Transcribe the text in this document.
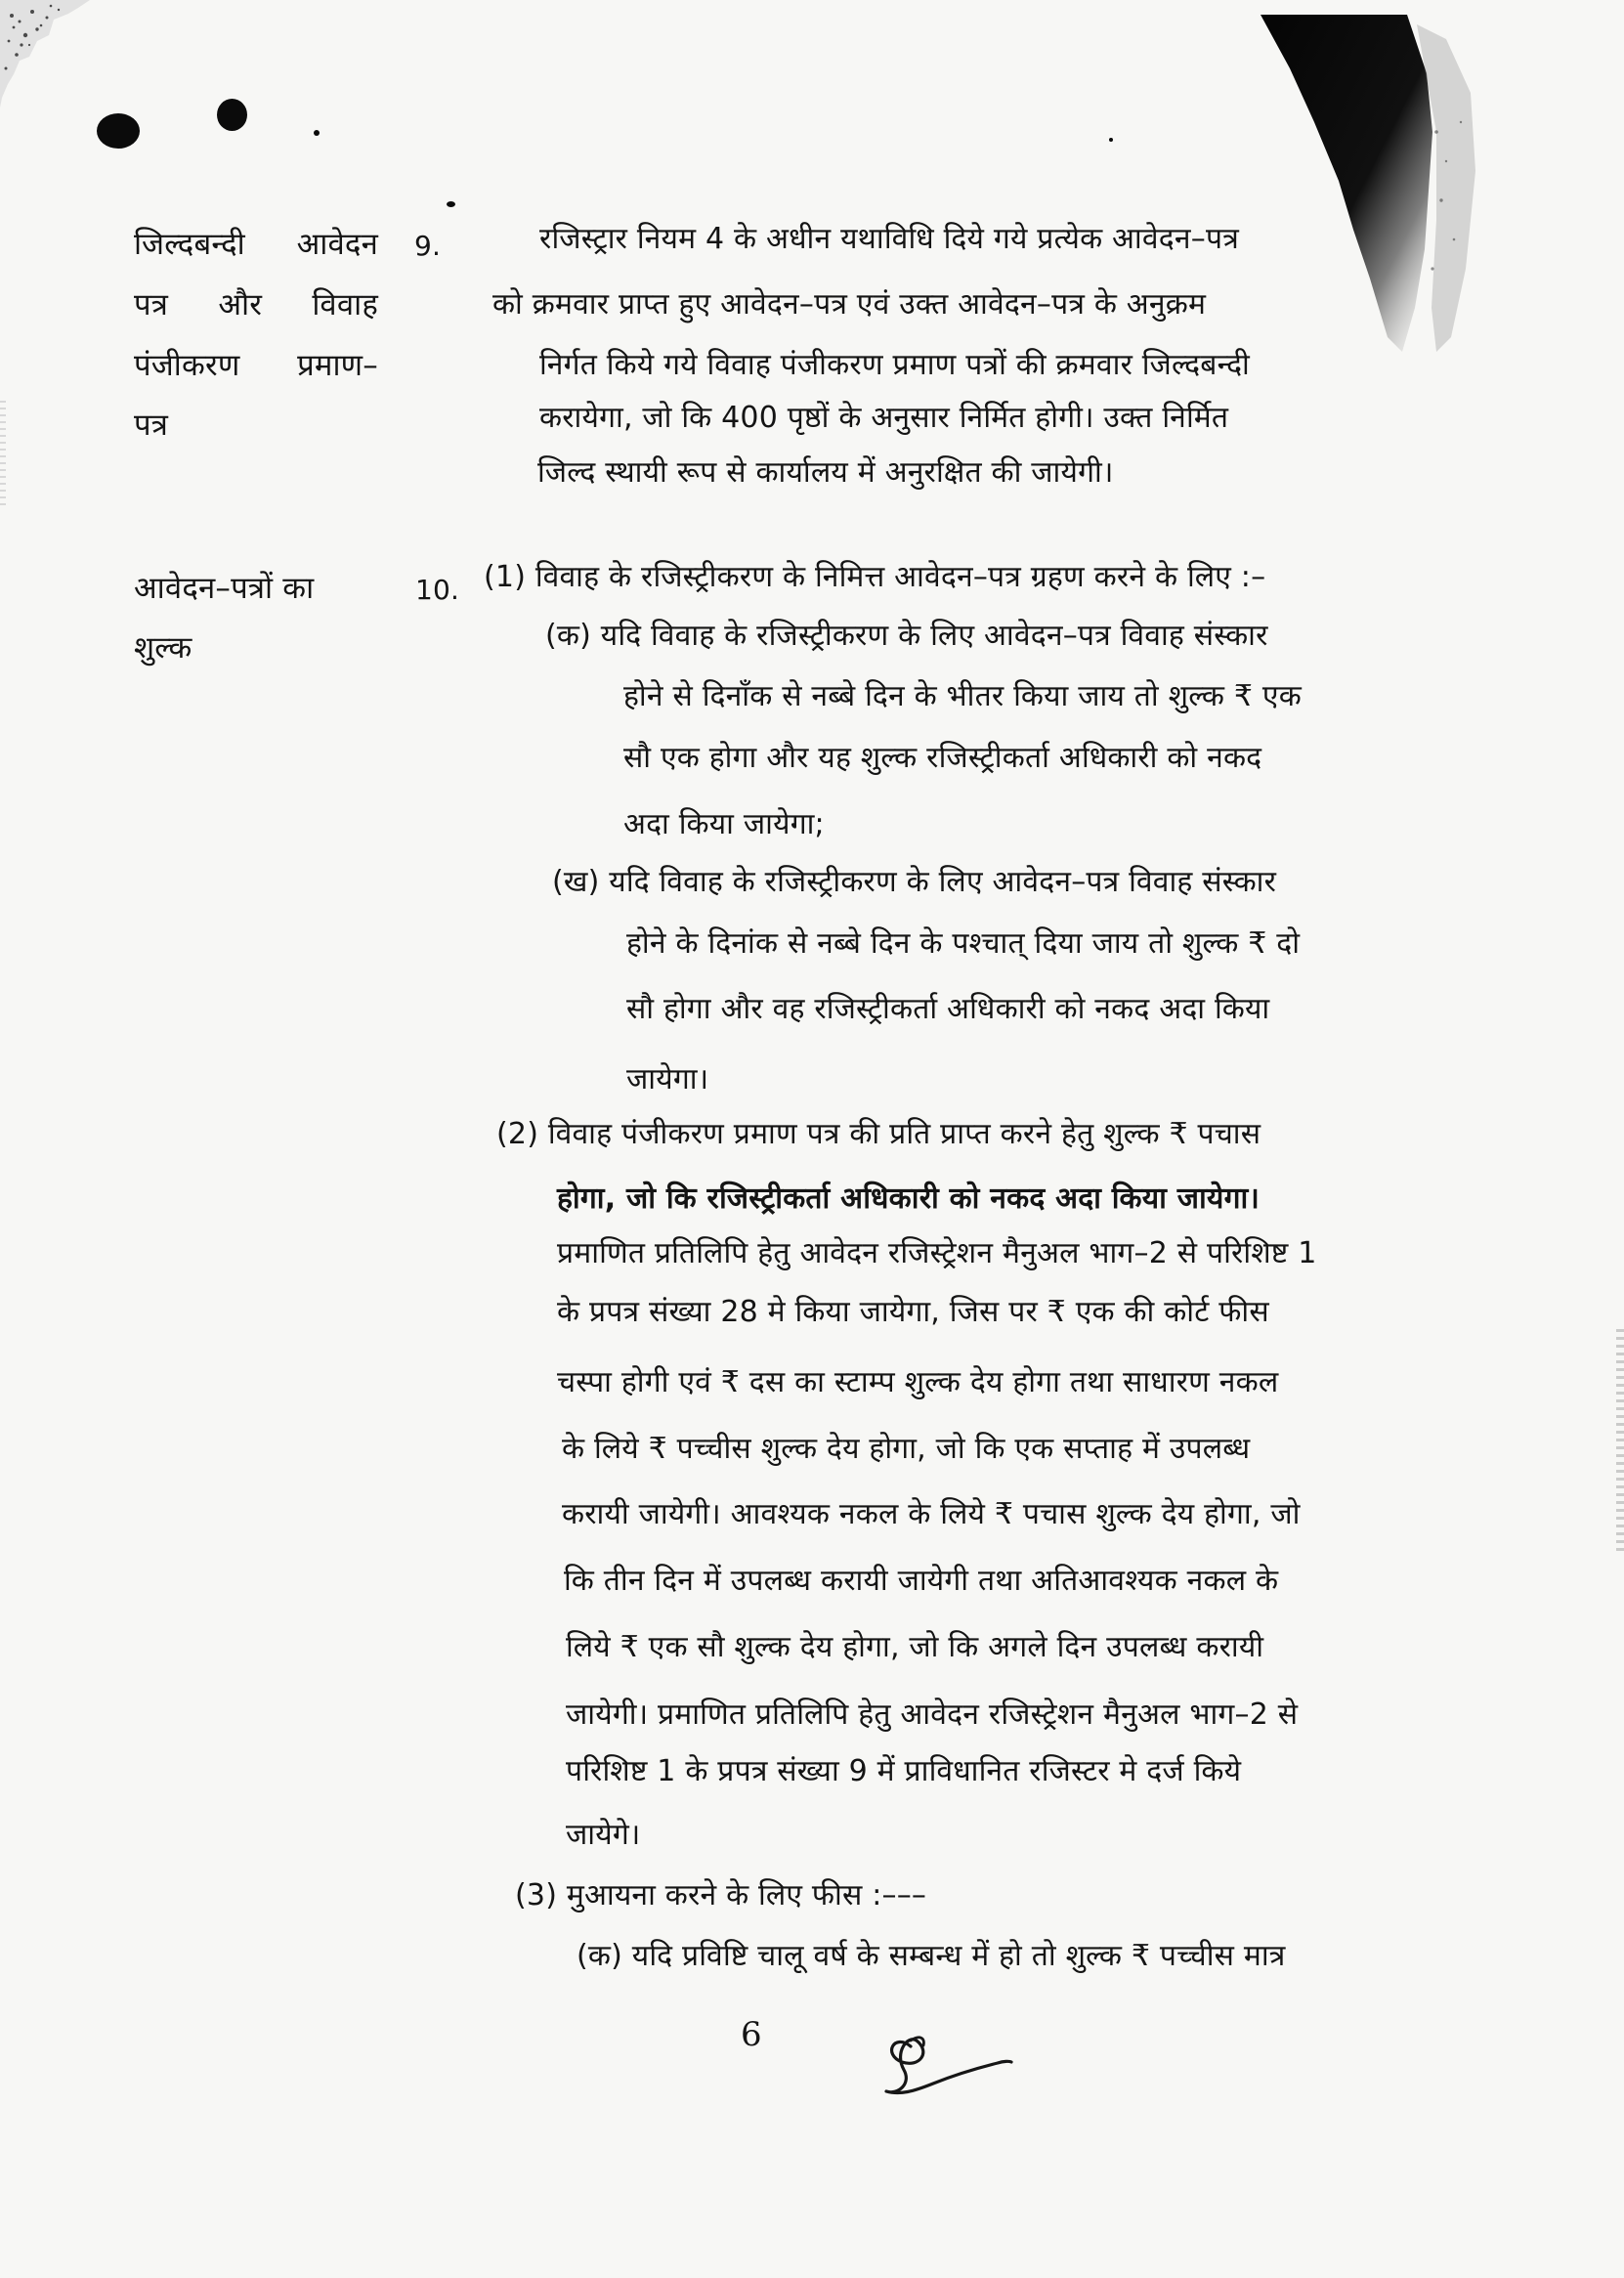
जिल्दबन्दी आवेदन
पत्र और विवाह
पंजीकरण प्रमाण–
पत्र
आवेदन–पत्रों का
शुल्क
9.
10.
रजिस्ट्रार नियम 4 के अधीन यथाविधि दिये गये प्रत्येक आवेदन–पत्र
को क्रमवार प्राप्त हुए आवेदन–पत्र एवं उक्त आवेदन–पत्र के अनुक्रम
निर्गत किये गये विवाह पंजीकरण प्रमाण पत्रों की क्रमवार जिल्दबन्दी
करायेगा, जो कि 400 पृष्ठों के अनुसार निर्मित होगी। उक्त निर्मित
जिल्द स्थायी रूप से कार्यालय में अनुरक्षित की जायेगी।
(1) विवाह के रजिस्ट्रीकरण के निमित्त आवेदन–पत्र ग्रहण करने के लिए :–
(क) यदि विवाह के रजिस्ट्रीकरण के लिए आवेदन–पत्र विवाह संस्कार
होने से दिनाँक से नब्बे दिन के भीतर किया जाय तो शुल्क ₹ एक
सौ एक होगा और यह शुल्क रजिस्ट्रीकर्ता अधिकारी को नकद
अदा किया जायेगा;
(ख) यदि विवाह के रजिस्ट्रीकरण के लिए आवेदन–पत्र विवाह संस्कार
होने के दिनांक से नब्बे दिन के पश्चात् दिया जाय तो शुल्क ₹ दो
सौ होगा और वह रजिस्ट्रीकर्ता अधिकारी को नकद अदा किया
जायेगा।
(2) विवाह पंजीकरण प्रमाण पत्र की प्रति प्राप्त करने हेतु शुल्क ₹ पचास
होगा, जो कि रजिस्ट्रीकर्ता अधिकारी को नकद अदा किया जायेगा।
प्रमाणित प्रतिलिपि हेतु आवेदन रजिस्ट्रेशन मैनुअल भाग–2 से परिशिष्ट 1
के प्रपत्र संख्या 28 मे किया जायेगा, जिस पर ₹ एक की कोर्ट फीस
चस्पा होगी एवं ₹ दस का स्टाम्प शुल्क देय होगा तथा साधारण नकल
के लिये ₹ पच्चीस शुल्क देय होगा, जो कि एक सप्ताह में उपलब्ध
करायी जायेगी। आवश्यक नकल के लिये ₹ पचास शुल्क देय होगा, जो
कि तीन दिन में उपलब्ध करायी जायेगी तथा अतिआवश्यक नकल के
लिये ₹ एक सौ शुल्क देय होगा, जो कि अगले दिन उपलब्ध करायी
जायेगी। प्रमाणित प्रतिलिपि हेतु आवेदन रजिस्ट्रेशन मैनुअल भाग–2 से
परिशिष्ट 1 के प्रपत्र संख्या 9 में प्राविधानित रजिस्टर मे दर्ज किये
जायेगे।
(3) मुआयना करने के लिए फीस :–––
(क) यदि प्रविष्टि चालू वर्ष के सम्बन्ध में हो तो शुल्क ₹ पच्चीस मात्र
6
